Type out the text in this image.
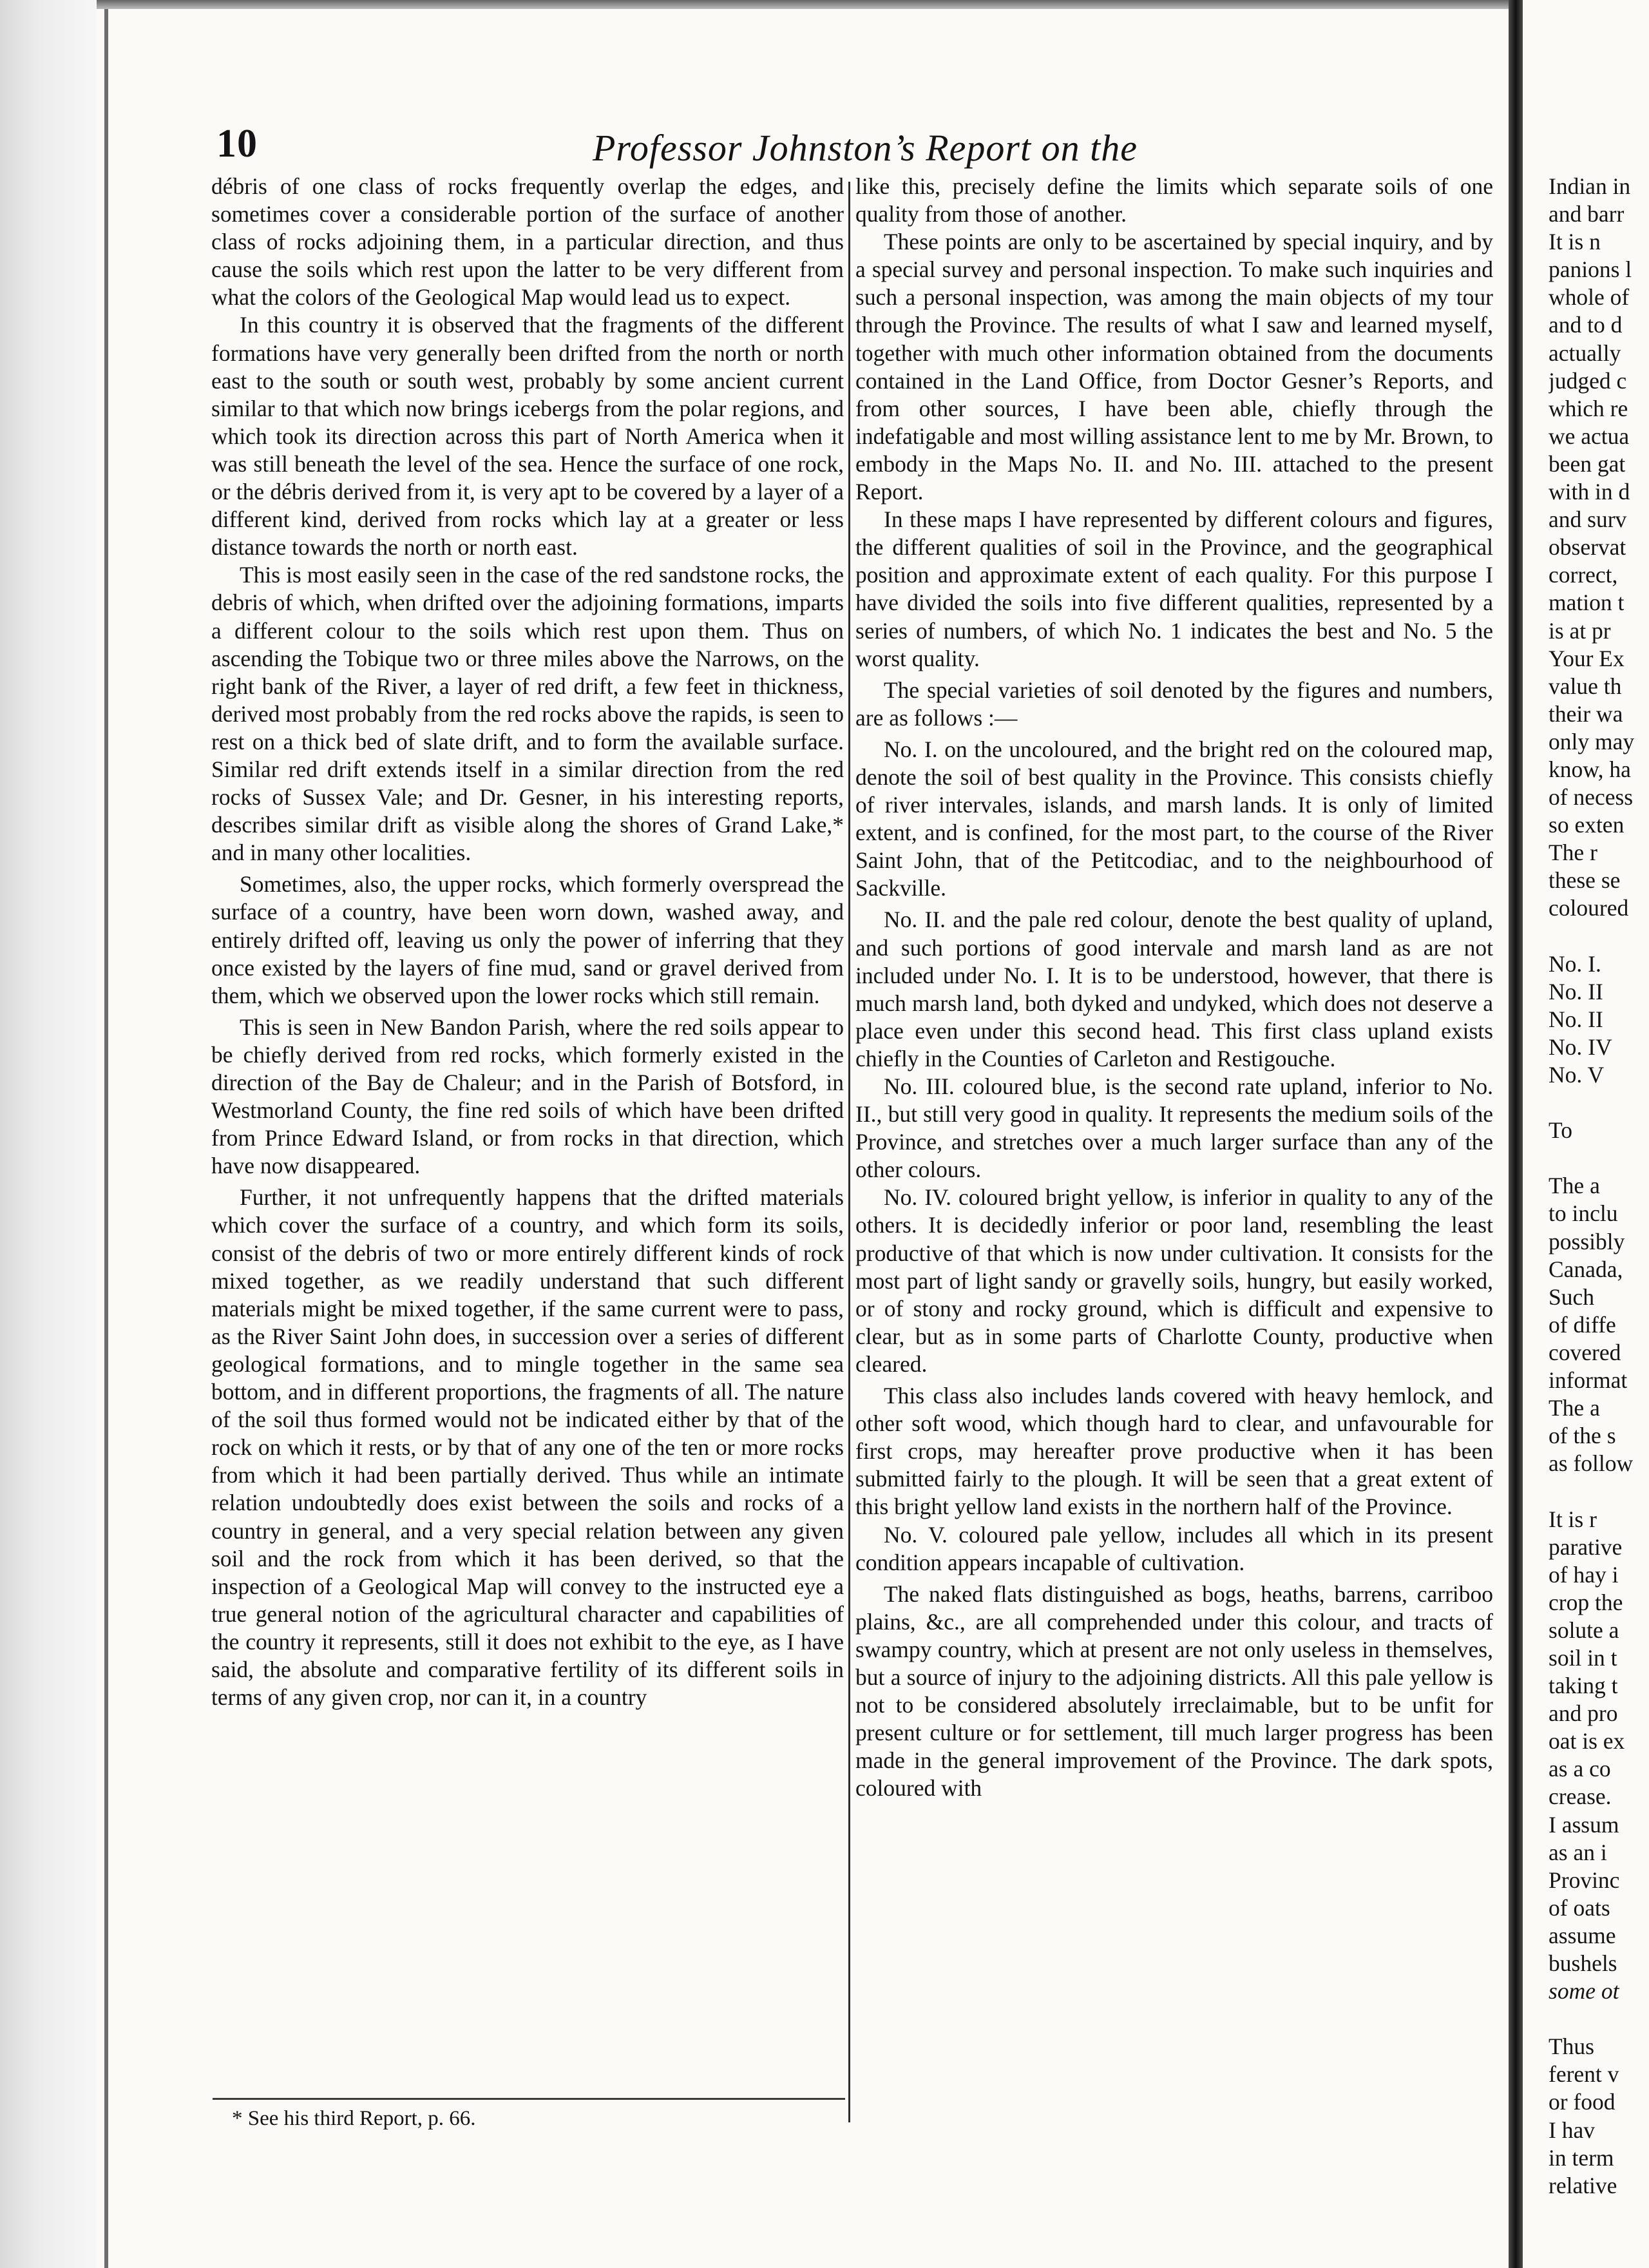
10	Professor Johnston’s Report on the

débris of one class of rocks frequently overlap the edges, and sometimes cover a considerable portion of the surface of another class of rocks adjoining them, in a particular direction, and thus cause the soils which rest upon the latter to be very different from what the colors of the Geological Map would lead us to expect.

In this country it is observed that the fragments of the different formations have very generally been drifted from the north or north east to the south or south west, probably by some ancient current similar to that which now brings icebergs from the polar regions, and which took its direction across this part of North America when it was still beneath the level of the sea. Hence the surface of one rock, or the débris derived from it, is very apt to be covered by a layer of a different kind, derived from rocks which lay at a greater or less distance towards the north or north east.

This is most easily seen in the case of the red sandstone rocks, the debris of which, when drifted over the adjoining formations, imparts a different colour to the soils which rest upon them. Thus on ascending the Tobique two or three miles above the Narrows, on the right bank of the River, a layer of red drift, a few feet in thickness, derived most probably from the red rocks above the rapids, is seen to rest on a thick bed of slate drift, and to form the available surface. Similar red drift extends itself in a similar direction from the red rocks of Sussex Vale; and Dr. Gesner, in his interesting reports, describes similar drift as visible along the shores of Grand Lake,* and in many other localities.

Sometimes, also, the upper rocks, which formerly overspread the surface of a country, have been worn down, washed away, and entirely drifted off, leaving us only the power of inferring that they once existed by the layers of fine mud, sand or gravel derived from them, which we observed upon the lower rocks which still remain.

This is seen in New Bandon Parish, where the red soils appear to be chiefly derived from red rocks, which formerly existed in the direction of the Bay de Chaleur; and in the Parish of Botsford, in Westmorland County, the fine red soils of which have been drifted from Prince Edward Island, or from rocks in that direction, which have now disappeared.

Further, it not unfrequently happens that the drifted materials which cover the surface of a country, and which form its soils, consist of the debris of two or more entirely different kinds of rock mixed together, as we readily understand that such different materials might be mixed together, if the same current were to pass, as the River Saint John does, in succession over a series of different geological formations, and to mingle together in the same sea bottom, and in different proportions, the fragments of all. The nature of the soil thus formed would not be indicated either by that of the rock on which it rests, or by that of any one of the ten or more rocks from which it had been partially derived. Thus while an intimate relation undoubtedly does exist between the soils and rocks of a country in general, and a very special relation between any given soil and the rock from which it has been derived, so that the inspection of a Geological Map will convey to the instructed eye a true general notion of the agricultural character and capabilities of the country it represents, still it does not exhibit to the eye, as I have said, the absolute and comparative fertility of its different soils in terms of any given crop, nor can it, in a country

like this, precisely define the limits which separate soils of one quality from those of another.

These points are only to be ascertained by special inquiry, and by a special survey and personal inspection. To make such inquiries and such a personal inspection, was among the main objects of my tour through the Province. The results of what I saw and learned myself, together with much other information obtained from the documents contained in the Land Office, from Doctor Gesner’s Reports, and from other sources, I have been able, chiefly through the indefatigable and most willing assistance lent to me by Mr. Brown, to embody in the Maps No. II. and No. III. attached to the present Report.

In these maps I have represented by different colours and figures, the different qualities of soil in the Province, and the geographical position and approximate extent of each quality. For this purpose I have divided the soils into five different qualities, represented by a series of numbers, of which No. 1 indicates the best and No. 5 the worst quality.

The special varieties of soil denoted by the figures and numbers, are as follows :—

No. I. on the uncoloured, and the bright red on the coloured map, denote the soil of best quality in the Province. This consists chiefly of river intervales, islands, and marsh lands. It is only of limited extent, and is confined, for the most part, to the course of the River Saint John, that of the Petitcodiac, and to the neighbourhood of Sackville.

No. II. and the pale red colour, denote the best quality of upland, and such portions of good intervale and marsh land as are not included under No. I. It is to be understood, however, that there is much marsh land, both dyked and undyked, which does not deserve a place even under this second head. This first class upland exists chiefly in the Counties of Carleton and Restigouche.

No. III. coloured blue, is the second rate upland, inferior to No. II., but still very good in quality. It represents the medium soils of the Province, and stretches over a much larger surface than any of the other colours.

No. IV. coloured bright yellow, is inferior in quality to any of the others. It is decidedly inferior or poor land, resembling the least productive of that which is now under cultivation. It consists for the most part of light sandy or gravelly soils, hungry, but easily worked, or of stony and rocky ground, which is difficult and expensive to clear, but as in some parts of Charlotte County, productive when cleared.

This class also includes lands covered with heavy hemlock, and other soft wood, which though hard to clear, and unfavourable for first crops, may hereafter prove productive when it has been submitted fairly to the plough. It will be seen that a great extent of this bright yellow land exists in the northern half of the Province.

No. V. coloured pale yellow, includes all which in its present condition appears incapable of cultivation.

The naked flats distinguished as bogs, heaths, barrens, carriboo plains, &c., are all comprehended under this colour, and tracts of swampy country, which at present are not only useless in themselves, but a source of injury to the adjoining districts. All this pale yellow is not to be considered absolutely irreclaimable, but to be unfit for present culture or for settlement, till much larger progress has been made in the general improvement of the Province. The dark spots, coloured with

* See his third Report, p. 66.
Indian in
and barr
It is n
panions l
whole of
and to d
actually
judged c
which re
we actua
been gat
with in d
and surv
observat
correct,
mation t
is at pr
Your Ex
value th
their wa
only may
know, ha
of necess
so exten
The r
these se
coloured
No. I.
No. II
No. II
No. IV
No. V
To
The a
to inclu
possibly
Canada,
Such
of diffe
covered
informat
The a
of the s
as follow
It is r
parative
of hay i
crop the
solute a
soil in t
taking t
and pro
oat is ex
as a co
crease.
I assum
as an i
Provinc
of oats
assume
bushels
some ot
Thus
ferent v
or food
I hav
in term
relative
